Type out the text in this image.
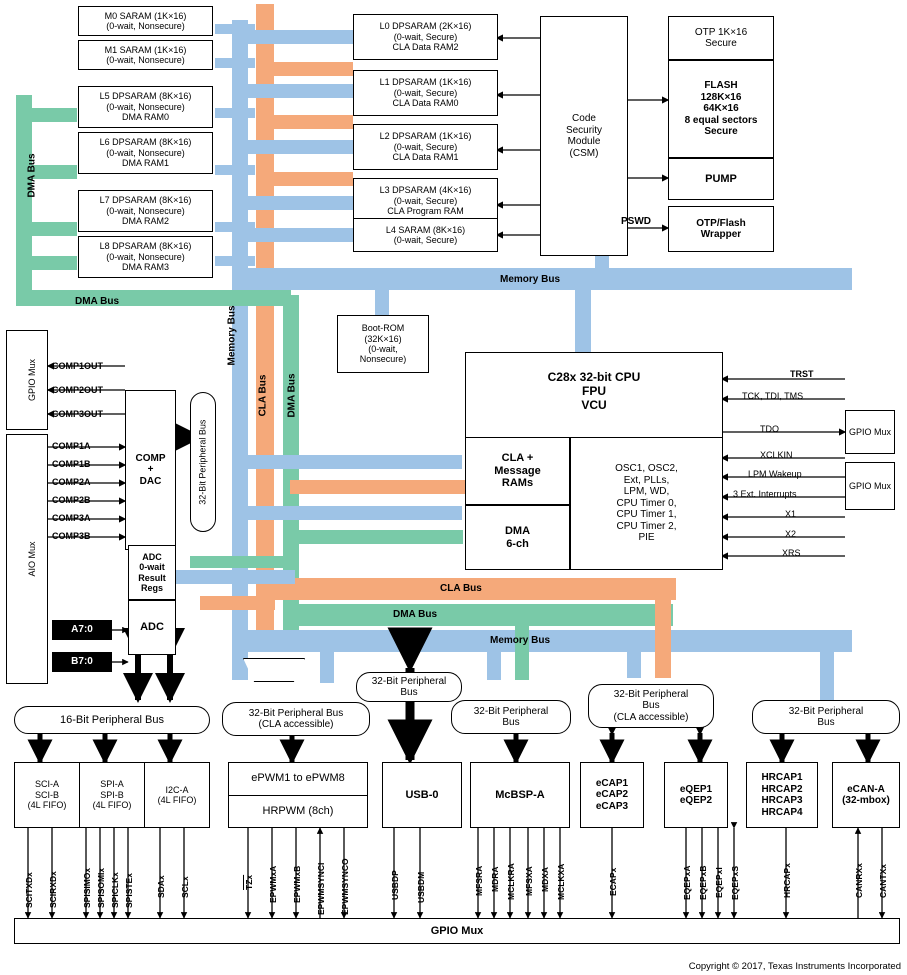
M0 SARAM (1K×16)
(0-wait, Nonsecure)
M1 SARAM (1K×16)
(0-wait, Nonsecure)
L5 DPSARAM (8K×16)
(0-wait, Nonsecure)
DMA RAM0
L6 DPSARAM (8K×16)
(0-wait, Nonsecure)
DMA RAM1
L7 DPSARAM (8K×16)
(0-wait, Nonsecure)
DMA RAM2
L8 DPSARAM (8K×16)
(0-wait, Nonsecure)
DMA RAM3
L0 DPSARAM (2K×16)
(0-wait, Secure)
CLA Data RAM2
L1 DPSARAM (1K×16)
(0-wait, Secure)
CLA Data RAM0
L2 DPSARAM (1K×16)
(0-wait, Secure)
CLA Data RAM1
L3 DPSARAM (4K×16)
(0-wait, Secure)
CLA Program RAM
L4 SARAM (8K×16)
(0-wait, Secure)
Code
Security
Module
(CSM)
OTP 1K×16
Secure
FLASH
128K×16
64K×16
8 equal sectors
Secure
PUMP
OTP/Flash
Wrapper
PSWD
Boot-ROM
(32K×16)
(0-wait,
Nonsecure)
C28x 32-bit CPU
FPU
VCU
CLA +
Message
RAMs
DMA
6-ch
OSC1, OSC2,
Ext, PLLs,
LPM, WD,
CPU Timer 0,
CPU Timer 1,
CPU Timer 2,
PIE
GPIO Mux
GPIO Mux
TRST
TCK, TDI, TMS
TDO
XCLKIN
LPM Wakeup
3 Ext. Interrupts
X1
X2
XRS
GPIO Mux
AIO Mux
COMP
+
DAC
COMP1OUT
COMP2OUT
COMP3OUT
COMP1A
COMP1B
COMP2A
COMP2B
COMP3A
COMP3B
32-Bit Peripheral Bus
ADC
0-wait
Result
Regs
ADC
A7:0
B7:0
DMA Bus
DMA Bus
Memory Bus
CLA Bus DMA Bus
Memory Bus
CLA Bus
DMA Bus
Memory Bus
16-Bit Peripheral Bus
32-Bit Peripheral Bus
(CLA accessible)
32-Bit Peripheral
Bus
32-Bit Peripheral
Bus
32-Bit Peripheral
Bus
(CLA accessible)
32-Bit Peripheral
Bus
SCI-A
SCI-B
(4L FIFO)
SPI-A
SPI-B
(4L FIFO)
I2C-A
(4L FIFO)
ePWM1 to ePWM8
HRPWM (8ch)
USB-0	McBSP-A
eCAP1
eCAP2
eCAP3
eQEP1
eQEP2
HRCAP1
HRCAP2
HRCAP3
HRCAP4
eCAN-A
(32-mbox)
SCITXDx SCIRXDx	SPISIMOx SPISOMIx SPICLKx SPISTEx	SDAx SCLx	$\overline{TZx}$ EPWMxA EPWMxB EPWMSYNCI EPWMSYNCO	USBDP USBDM	MFSRA MDRA MCLKRA MFSXA MDXA MCLKXA	ECAPx	EQEPxA EQEPxB EQEPxI EQEPxS	HRCAPx	CANRXx CANTXx
GPIO Mux
Copyright © 2017, Texas Instruments Incorporated
